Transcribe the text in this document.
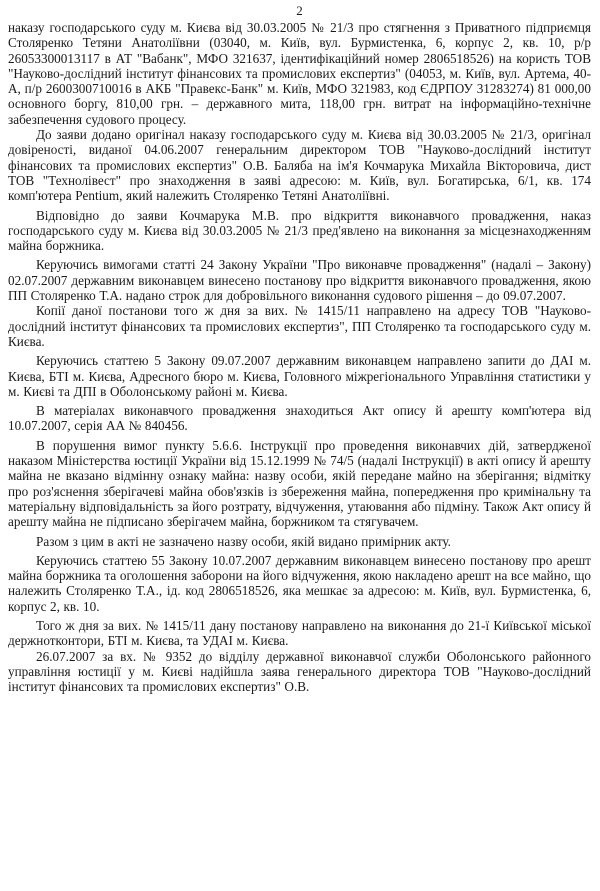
2

наказу господарського суду м. Києва від 30.03.2005 № 21/3 про стягнення з Приватного підприємця Столяренко Тетяни Анатоліївни (03040, м. Київ, вул. Бурмистенка, 6, корпус 2, кв. 10, р/р 26053300013117 в АТ "Вабанк", МФО 321637, ідентифікаційний номер 2806518526) на користь ТОВ "Науково-дослідний інститут фінансових та промислових експертиз" (04053, м. Київ, вул. Артема, 40-А, п/р 2600300710016 в АКБ "Правекс-Банк" м. Київ, МФО 321983, код ЄДРПОУ 31283274) 81 000,00 основного боргу, 810,00 грн. – державного мита, 118,00 грн. витрат на інформаційно-технічне забезпечення судового процесу.

До заяви додано оригінал наказу господарського суду м. Києва від 30.03.2005 № 21/3, оригінал довіреності, виданої 04.06.2007 генеральним директором ТОВ "Науково-дослідний інститут фінансових та промислових експертиз" О.В. Баляба на ім'я Кочмарука Михайла Вікторовича, дист ТОВ "Технолівест" про знаходження в заяві адресою: м. Київ, вул. Богатирська, 6/1, кв. 174 комп'ютера Pentium, який належить Столяренко Тетяні Анатоліївні.

Відповідно до заяви Кочмарука М.В. про відкриття виконавчого провадження, наказ господарського суду м. Києва від 30.03.2005 № 21/3 пред'явлено на виконання за місцезнаходженням майна боржника.

Керуючись вимогами статті 24 Закону України "Про виконавче провадження" (надалі – Закону) 02.07.2007 державним виконавцем винесено постанову про відкриття виконавчого провадження, якою ПП Столяренко Т.А. надано строк для добровільного виконання судового рішення – до 09.07.2007.

Копії даної постанови того ж дня за вих. № 1415/11 направлено на адресу ТОВ "Науково-дослідний інститут фінансових та промислових експертиз", ПП Столяренко та господарського суду м. Києва.

Керуючись статтею 5 Закону 09.07.2007 державним виконавцем направлено запити до ДАІ м. Києва, БТІ м. Києва, Адресного бюро м. Києва, Головного міжрегіонального Управління статистики у м. Києві та ДПІ в Оболонському районі м. Києва.

В матеріалах виконавчого провадження знаходиться Акт опису й арешту комп'ютера від 10.07.2007, серія АА № 840456.

В порушення вимог пункту 5.6.6. Інструкції про проведення виконавчих дій, затвердженої наказом Міністерства юстиції України від 15.12.1999 № 74/5 (надалі Інструкції) в акті опису й арешту майна не вказано відмінну ознаку майна: назву особи, якій передане майно на зберігання; відмітку про роз'яснення зберігачеві майна обов'язків із збереження майна, попередження про кримінальну та матеріальну відповідальність за його розтрату, відчуження, утаювання або підміну. Також Акт опису й арешту майна не підписано зберігачем майна, боржником та стягувачем.

Разом з цим в акті не зазначено назву особи, якій видано примірник акту.

Керуючись статтею 55 Закону 10.07.2007 державним виконавцем винесено постанову про арешт майна боржника та оголошення заборони на його відчуження, якою накладено арешт на все майно, що належить Столяренко Т.А., ід. код 2806518526, яка мешкає за адресою: м. Київ, вул. Бурмистенка, 6, корпус 2, кв. 10.

Того ж дня за вих. № 1415/11 дану постанову направлено на виконання до 21-ї Київської міської держнотконтори, БТІ м. Києва, та УДАІ м. Києва.

26.07.2007 за вх. № 9352 до відділу державної виконавчої служби Оболонського районного управління юстиції у м. Києві надійшла заява генерального директора ТОВ "Науково-дослідний інститут фінансових та промислових експертиз" О.В.
